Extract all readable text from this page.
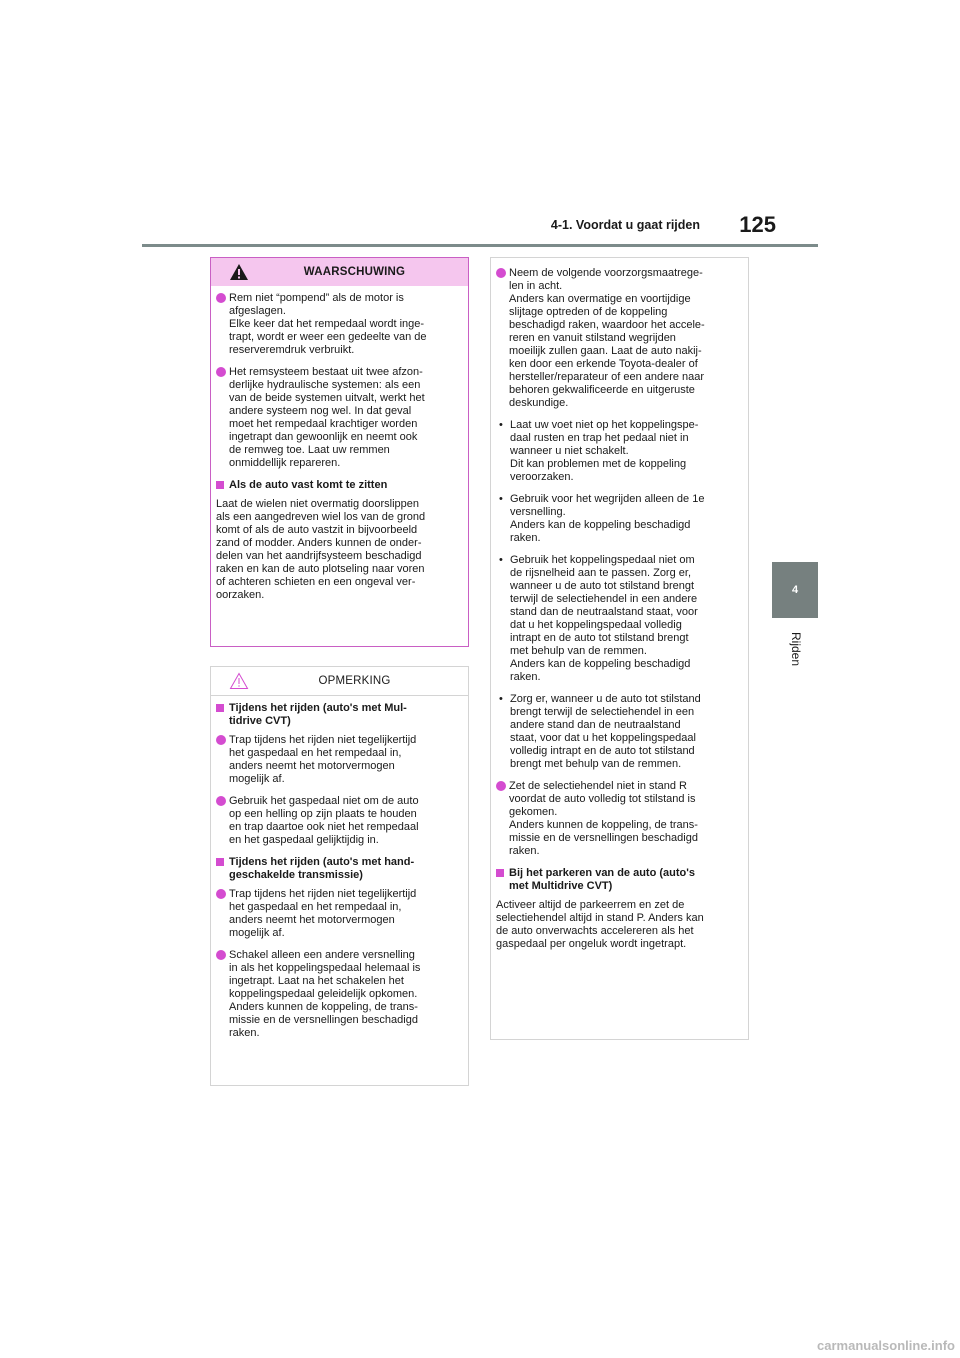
4-1. Voordat u gaat rijden	125
4
Rijden
WAARSCHUWING
Rem niet “pompend” als de motor is
afgeslagen.
Elke keer dat het rempedaal wordt inge-
trapt, wordt er weer een gedeelte van de
reserveremdruk verbruikt.
Het remsysteem bestaat uit twee afzon-
derlijke hydraulische systemen: als een
van de beide systemen uitvalt, werkt het
andere systeem nog wel. In dat geval
moet het rempedaal krachtiger worden
ingetrapt dan gewoonlijk en neemt ook
de remweg toe. Laat uw remmen
onmiddellijk repareren.
Als de auto vast komt te zitten
Laat de wielen niet overmatig doorslippen
als een aangedreven wiel los van de grond
komt of als de auto vastzit in bijvoorbeeld
zand of modder. Anders kunnen de onder-
delen van het aandrijfsysteem beschadigd
raken en kan de auto plotseling naar voren
of achteren schieten en een ongeval ver-
oorzaken.
OPMERKING
Tijdens het rijden (auto's met Mul-
tidrive CVT)
Trap tijdens het rijden niet tegelijkertijd
het gaspedaal en het rempedaal in,
anders neemt het motorvermogen
mogelijk af.
Gebruik het gaspedaal niet om de auto
op een helling op zijn plaats te houden
en trap daartoe ook niet het rempedaal
en het gaspedaal gelijktijdig in.
Tijdens het rijden (auto's met hand-
geschakelde transmissie)
Trap tijdens het rijden niet tegelijkertijd
het gaspedaal en het rempedaal in,
anders neemt het motorvermogen
mogelijk af.
Schakel alleen een andere versnelling
in als het koppelingspedaal helemaal is
ingetrapt. Laat na het schakelen het
koppelingspedaal geleidelijk opkomen.
Anders kunnen de koppeling, de trans-
missie en de versnellingen beschadigd
raken.
Neem de volgende voorzorgsmaatrege-
len in acht.
Anders kan overmatige en voortijdige
slijtage optreden of de koppeling
beschadigd raken, waardoor het accele-
reren en vanuit stilstand wegrijden
moeilijk zullen gaan. Laat de auto nakij-
ken door een erkende Toyota-dealer of
hersteller/reparateur of een andere naar
behoren gekwalificeerde en uitgeruste
deskundige.
• Laat uw voet niet op het koppelingspe-
daal rusten en trap het pedaal niet in
wanneer u niet schakelt.
Dit kan problemen met de koppeling
veroorzaken.
• Gebruik voor het wegrijden alleen de 1e
versnelling.
Anders kan de koppeling beschadigd
raken.
• Gebruik het koppelingspedaal niet om
de rijsnelheid aan te passen. Zorg er,
wanneer u de auto tot stilstand brengt
terwijl de selectiehendel in een andere
stand dan de neutraalstand staat, voor
dat u het koppelingspedaal volledig
intrapt en de auto tot stilstand brengt
met behulp van de remmen.
Anders kan de koppeling beschadigd
raken.
• Zorg er, wanneer u de auto tot stilstand
brengt terwijl de selectiehendel in een
andere stand dan de neutraalstand
staat, voor dat u het koppelingspedaal
volledig intrapt en de auto tot stilstand
brengt met behulp van de remmen.
Zet de selectiehendel niet in stand R
voordat de auto volledig tot stilstand is
gekomen.
Anders kunnen de koppeling, de trans-
missie en de versnellingen beschadigd
raken.
Bij het parkeren van de auto (auto's
met Multidrive CVT)
Activeer altijd de parkeerrem en zet de
selectiehendel altijd in stand P. Anders kan
de auto onverwachts accelereren als het
gaspedaal per ongeluk wordt ingetrapt.
carmanualsonline.info
